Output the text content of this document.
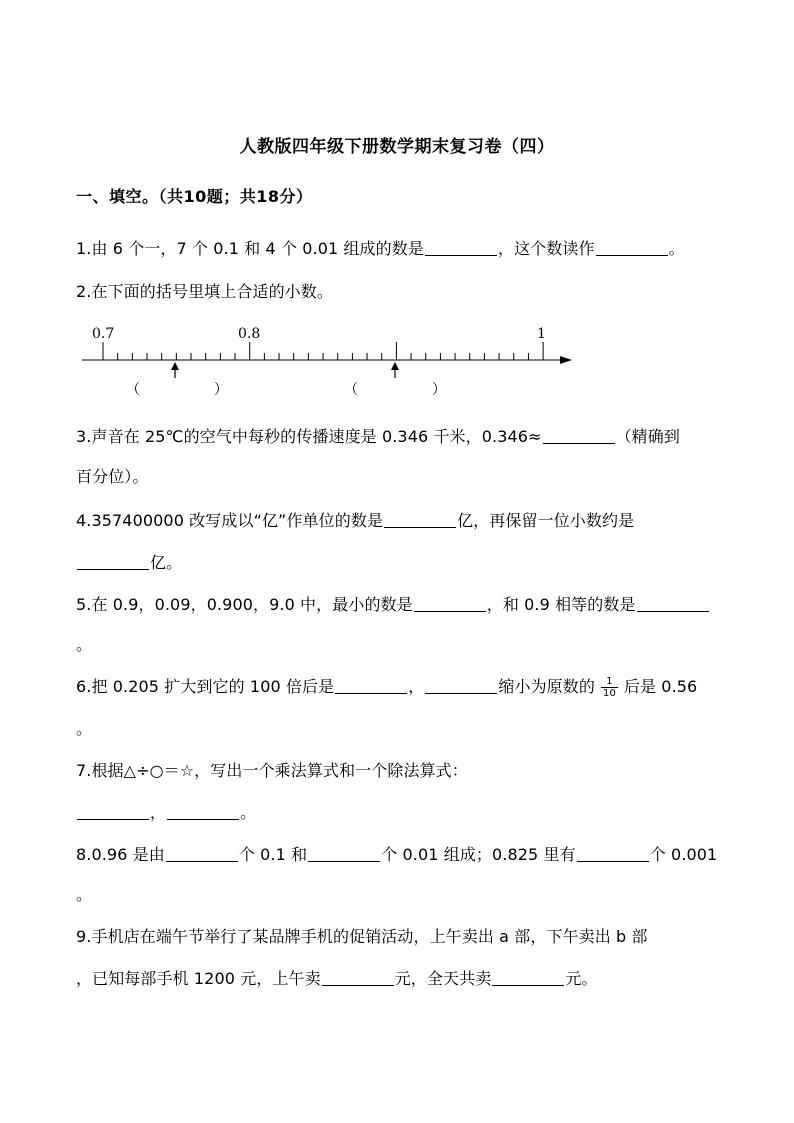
人教版四年级下册数学期末复习卷（四）
一、填空。（共10题；共18分）
1.由 6 个一，7 个 0.1 和 4 个 0.01 组成的数是	，这个数读作	。
2.在下面的括号里填上合适的小数。
0.7	0.8	1
（	）	（	）
3.声音在 25℃的空气中每秒的传播速度是 0.346 千米，0.346≈	（精确到
百分位）。
4.357400000 改写成以“亿”作单位的数是	亿，再保留一位小数约是
亿。
5.在 0.9，0.09，0.900，9.0 中，最小的数是	，和 0.9 相等的数是
。
6.把 0.205 扩大到它的 100 倍后是	，	缩小为原数的 $\frac{1}{10}$ 后是 0.56
。
7.根据△÷○＝☆，写出一个乘法算式和一个除法算式：
，	。
8.0.96 是由	个 0.1 和	个 0.01 组成；0.825 里有	个 0.001
。
9.手机店在端午节举行了某品牌手机的促销活动，上午卖出 a 部，下午卖出 b 部
，已知每部手机 1200 元，上午卖	元，全天共卖	元。
